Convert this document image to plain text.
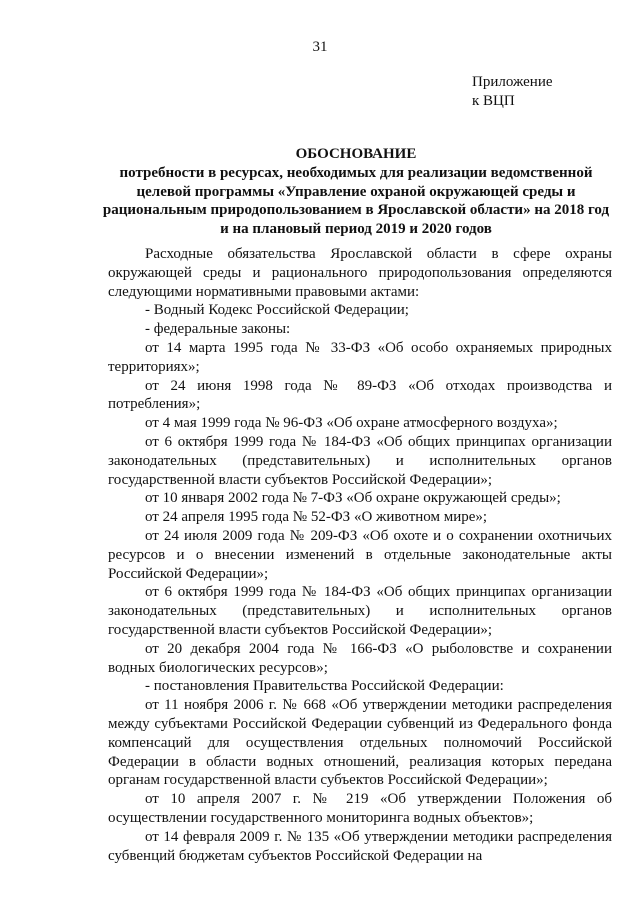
31
Приложение
к ВЦП
ОБОСНОВАНИЕ
потребности в ресурсах, необходимых для реализации ведомственной целевой программы «Управление охраной окружающей среды и рациональным природопользованием в Ярославской области» на 2018 год и на плановый период 2019 и 2020 годов

Расходные обязательства Ярославской области в сфере охраны окружающей среды и рационального природопользования определяются следующими нормативными правовыми актами:

- Водный Кодекс Российской Федерации;

- федеральные законы:

от 14 марта 1995 года № 33-ФЗ «Об особо охраняемых природных территориях»;

от 24 июня 1998 года № 89-ФЗ «Об отходах производства и потребления»;

от 4 мая 1999 года № 96-ФЗ «Об охране атмосферного воздуха»;

от 6 октября 1999 года № 184-ФЗ «Об общих принципах организации законодательных (представительных) и исполнительных органов государственной власти субъектов Российской Федерации»;

от 10 января 2002 года № 7-ФЗ «Об охране окружающей среды»;

от 24 апреля 1995 года № 52-ФЗ «О животном мире»;

от 24 июля 2009 года № 209-ФЗ «Об охоте и о сохранении охотничьих ресурсов и о внесении изменений в отдельные законодательные акты Российской Федерации»;

от 6 октября 1999 года № 184-ФЗ «Об общих принципах организации законодательных (представительных) и исполнительных органов государственной власти субъектов Российской Федерации»;

от 20 декабря 2004 года № 166-ФЗ «О рыболовстве и сохранении водных биологических ресурсов»;

- постановления Правительства Российской Федерации:

от 11 ноября 2006 г. № 668 «Об утверждении методики распределения между субъектами Российской Федерации субвенций из Федерального фонда компенсаций для осуществления отдельных полномочий Российской Федерации в области водных отношений, реализация которых передана органам государственной власти субъектов Российской Федерации»;

от 10 апреля 2007 г. № 219 «Об утверждении Положения об осуществлении государственного мониторинга водных объектов»;

от 14 февраля 2009 г. № 135 «Об утверждении методики распределения субвенций бюджетам субъектов Российской Федерации на
